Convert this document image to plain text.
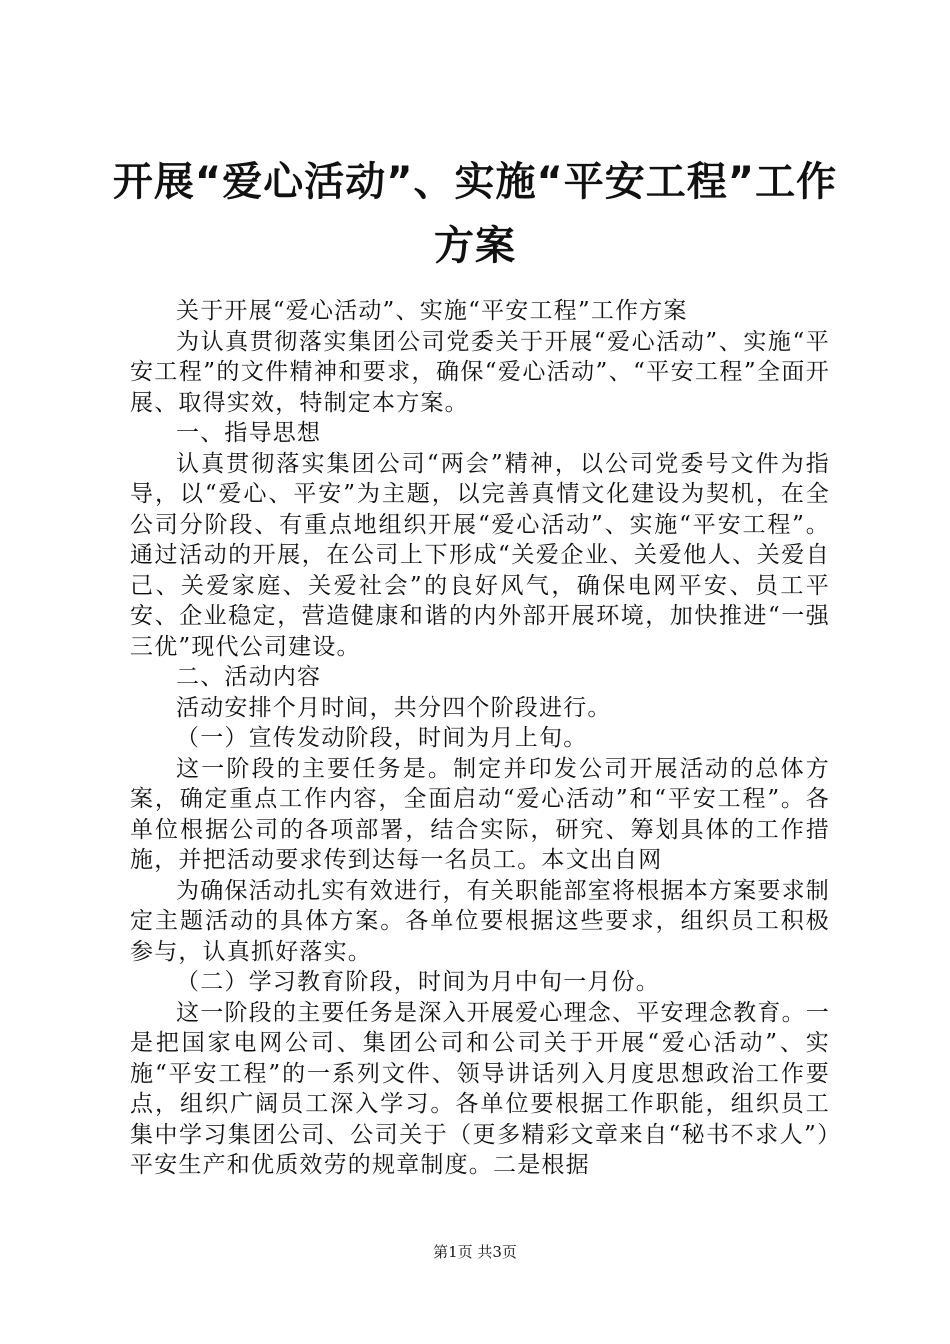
开展“爱心活动”、实施“平安工程”工作方案

关于开展“爱心活动”、实施“平安工程”工作方案

为认真贯彻落实集团公司党委关于开展“爱心活动”、实施“平安工程”的文件精神和要求，确保“爱心活动”、“平安工程”全面开展、取得实效，特制定本方案。

一、指导思想

认真贯彻落实集团公司“两会”精神，以公司党委号文件为指导，以“爱心、平安”为主题，以完善真情文化建设为契机，在全公司分阶段、有重点地组织开展“爱心活动”、实施“平安工程”。通过活动的开展，在公司上下形成“关爱企业、关爱他人、关爱自己、关爱家庭、关爱社会”的良好风气，确保电网平安、员工平安、企业稳定，营造健康和谐的内外部开展环境，加快推进“一强三优”现代公司建设。

二、活动内容

活动安排个月时间，共分四个阶段进行。

（一）宣传发动阶段，时间为月上旬。

这一阶段的主要任务是。制定并印发公司开展活动的总体方案，确定重点工作内容，全面启动“爱心活动”和“平安工程”。各单位根据公司的各项部署，结合实际，研究、筹划具体的工作措施，并把活动要求传到达每一名员工。本文出自网

为确保活动扎实有效进行，有关职能部室将根据本方案要求制定主题活动的具体方案。各单位要根据这些要求，组织员工积极参与，认真抓好落实。

（二）学习教育阶段，时间为月中旬一月份。

这一阶段的主要任务是深入开展爱心理念、平安理念教育。一是把国家电网公司、集团公司和公司关于开展“爱心活动”、实施“平安工程”的一系列文件、领导讲话列入月度思想政治工作要点，组织广阔员工深入学习。各单位要根据工作职能，组织员工集中学习集团公司、公司关于（更多精彩文章来自“秘书不求人”）平安生产和优质效劳的规章制度。二是根据

第1页 共3页
